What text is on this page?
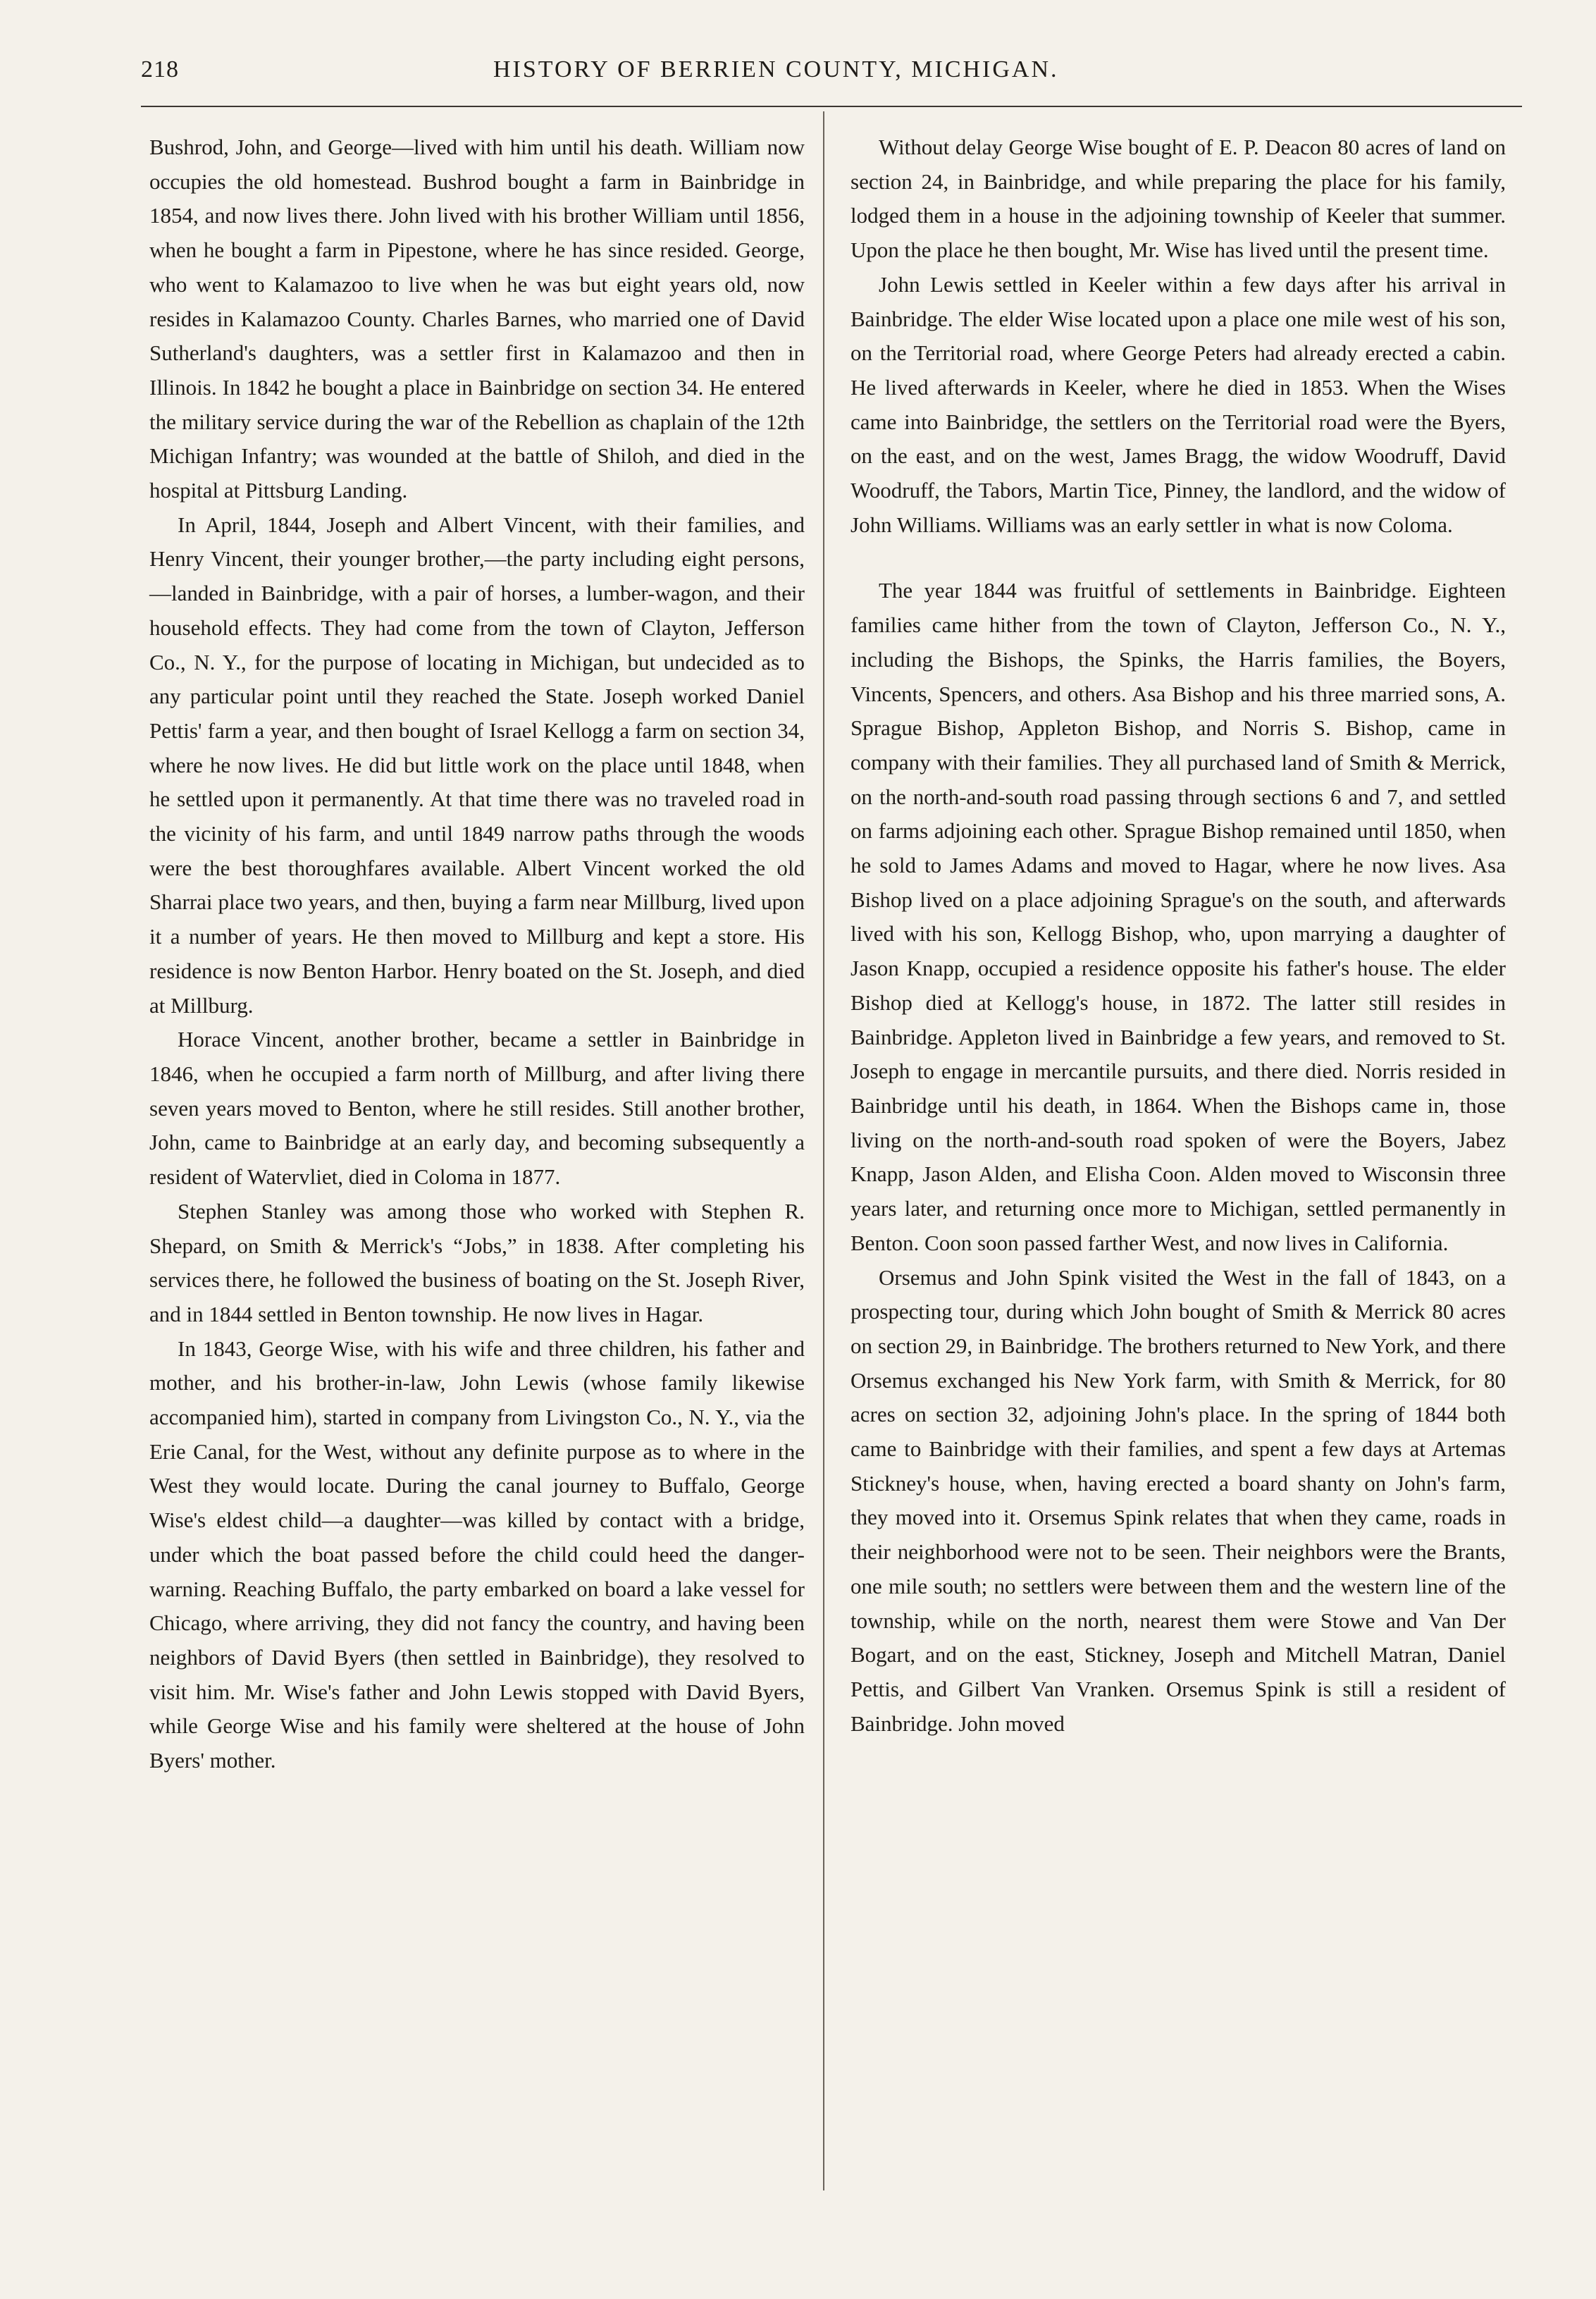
218	HISTORY OF BERRIEN COUNTY, MICHIGAN.

Bushrod, John, and George—lived with him until his death. William now occupies the old homestead. Bushrod bought a farm in Bainbridge in 1854, and now lives there. John lived with his brother William until 1856, when he bought a farm in Pipestone, where he has since resided. George, who went to Kalamazoo to live when he was but eight years old, now resides in Kalamazoo County. Charles Barnes, who married one of David Sutherland's daughters, was a settler first in Kalamazoo and then in Illinois. In 1842 he bought a place in Bainbridge on section 34. He entered the military service during the war of the Rebellion as chaplain of the 12th Michigan Infantry; was wounded at the battle of Shiloh, and died in the hospital at Pittsburg Landing.

In April, 1844, Joseph and Albert Vincent, with their families, and Henry Vincent, their younger brother,—the party including eight persons,—landed in Bainbridge, with a pair of horses, a lumber-wagon, and their household effects. They had come from the town of Clayton, Jefferson Co., N. Y., for the purpose of locating in Michigan, but undecided as to any particular point until they reached the State. Joseph worked Daniel Pettis' farm a year, and then bought of Israel Kellogg a farm on section 34, where he now lives. He did but little work on the place until 1848, when he settled upon it permanently. At that time there was no traveled road in the vicinity of his farm, and until 1849 narrow paths through the woods were the best thoroughfares available. Albert Vincent worked the old Sharrai place two years, and then, buying a farm near Millburg, lived upon it a number of years. He then moved to Millburg and kept a store. His residence is now Benton Harbor. Henry boated on the St. Joseph, and died at Millburg.

Horace Vincent, another brother, became a settler in Bainbridge in 1846, when he occupied a farm north of Millburg, and after living there seven years moved to Benton, where he still resides. Still another brother, John, came to Bainbridge at an early day, and becoming subsequently a resident of Watervliet, died in Coloma in 1877.

Stephen Stanley was among those who worked with Stephen R. Shepard, on Smith & Merrick's “Jobs,” in 1838. After completing his services there, he followed the business of boating on the St. Joseph River, and in 1844 settled in Benton township. He now lives in Hagar.

In 1843, George Wise, with his wife and three children, his father and mother, and his brother-in-law, John Lewis (whose family likewise accompanied him), started in company from Livingston Co., N. Y., via the Erie Canal, for the West, without any definite purpose as to where in the West they would locate. During the canal journey to Buffalo, George Wise's eldest child—a daughter—was killed by contact with a bridge, under which the boat passed before the child could heed the danger-warning. Reaching Buffalo, the party embarked on board a lake vessel for Chicago, where arriving, they did not fancy the country, and having been neighbors of David Byers (then settled in Bainbridge), they resolved to visit him. Mr. Wise's father and John Lewis stopped with David Byers, while George Wise and his family were sheltered at the house of John Byers' mother.

Without delay George Wise bought of E. P. Deacon 80 acres of land on section 24, in Bainbridge, and while preparing the place for his family, lodged them in a house in the adjoining township of Keeler that summer. Upon the place he then bought, Mr. Wise has lived until the present time.

John Lewis settled in Keeler within a few days after his arrival in Bainbridge. The elder Wise located upon a place one mile west of his son, on the Territorial road, where George Peters had already erected a cabin. He lived afterwards in Keeler, where he died in 1853. When the Wises came into Bainbridge, the settlers on the Territorial road were the Byers, on the east, and on the west, James Bragg, the widow Woodruff, David Woodruff, the Tabors, Martin Tice, Pinney, the landlord, and the widow of John Williams. Williams was an early settler in what is now Coloma.

The year 1844 was fruitful of settlements in Bainbridge. Eighteen families came hither from the town of Clayton, Jefferson Co., N. Y., including the Bishops, the Spinks, the Harris families, the Boyers, Vincents, Spencers, and others. Asa Bishop and his three married sons, A. Sprague Bishop, Appleton Bishop, and Norris S. Bishop, came in company with their families. They all purchased land of Smith & Merrick, on the north-and-south road passing through sections 6 and 7, and settled on farms adjoining each other. Sprague Bishop remained until 1850, when he sold to James Adams and moved to Hagar, where he now lives. Asa Bishop lived on a place adjoining Sprague's on the south, and afterwards lived with his son, Kellogg Bishop, who, upon marrying a daughter of Jason Knapp, occupied a residence opposite his father's house. The elder Bishop died at Kellogg's house, in 1872. The latter still resides in Bainbridge. Appleton lived in Bainbridge a few years, and removed to St. Joseph to engage in mercantile pursuits, and there died. Norris resided in Bainbridge until his death, in 1864. When the Bishops came in, those living on the north-and-south road spoken of were the Boyers, Jabez Knapp, Jason Alden, and Elisha Coon. Alden moved to Wisconsin three years later, and returning once more to Michigan, settled permanently in Benton. Coon soon passed farther West, and now lives in California.

Orsemus and John Spink visited the West in the fall of 1843, on a prospecting tour, during which John bought of Smith & Merrick 80 acres on section 29, in Bainbridge. The brothers returned to New York, and there Orsemus exchanged his New York farm, with Smith & Merrick, for 80 acres on section 32, adjoining John's place. In the spring of 1844 both came to Bainbridge with their families, and spent a few days at Artemas Stickney's house, when, having erected a board shanty on John's farm, they moved into it. Orsemus Spink relates that when they came, roads in their neighborhood were not to be seen. Their neighbors were the Brants, one mile south; no settlers were between them and the western line of the township, while on the north, nearest them were Stowe and Van Der Bogart, and on the east, Stickney, Joseph and Mitchell Matran, Daniel Pettis, and Gilbert Van Vranken. Orsemus Spink is still a resident of Bainbridge. John moved
